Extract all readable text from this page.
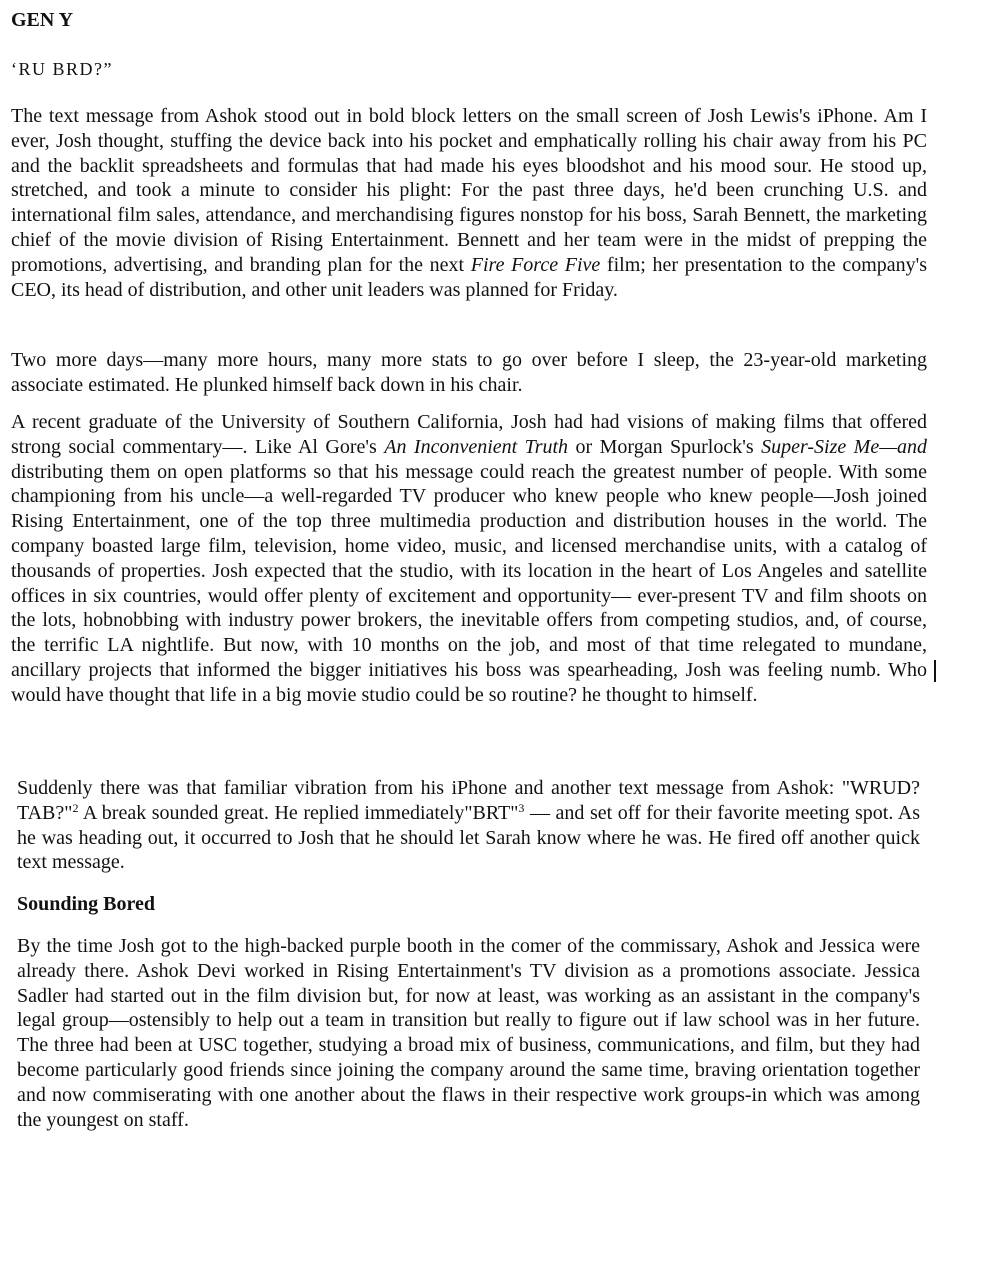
GEN Y
‘RU BRD?”

The text message from Ashok stood out in bold block letters on the small screen of Josh Lewis's iPhone. Am I ever, Josh thought, stuffing the device back into his pocket and emphatically rolling his chair away from his PC and the backlit spreadsheets and formulas that had made his eyes bloodshot and his mood sour. He stood up, stretched, and took a minute to consider his plight: For the past three days, he'd been crunching U.S. and international film sales, attendance, and merchandising figures nonstop for his boss, Sarah Bennett, the marketing chief of the movie division of Rising Entertainment. Bennett and her team were in the midst of prepping the promotions, advertising, and branding plan for the next Fire Force Five film; her presentation to the company's CEO, its head of distribution, and other unit leaders was planned for Friday.

Two more days—many more hours, many more stats to go over before I sleep, the 23-year-old marketing associate estimated. He plunked himself back down in his chair.

A recent graduate of the University of Southern California, Josh had had visions of making films that offered strong social commentary—. Like Al Gore's An Inconvenient Truth or Morgan Spurlock's Super-Size Me—and distributing them on open platforms so that his message could reach the greatest number of people. With some championing from his uncle—a well-regarded TV producer who knew people who knew people—Josh joined Rising Entertainment, one of the top three multimedia production and distribution houses in the world. The company boasted large film, television, home video, music, and licensed merchandise units, with a catalog of thousands of properties. Josh expected that the studio, with its location in the heart of Los Angeles and satellite offices in six countries, would offer plenty of excitement and opportunity— ever-present TV and film shoots on the lots, hobnobbing with industry power brokers, the inevitable offers from competing studios, and, of course, the terrific LA nightlife. But now, with 10 months on the job, and most of that time relegated to mundane, ancillary projects that informed the bigger initiatives his boss was spearheading, Josh was feeling numb. Who would have thought that life in a big movie studio could be so routine? he thought to himself.

Suddenly there was that familiar vibration from his iPhone and another text message from Ashok: "WRUD? TAB?"$^2$ A break sounded great. He replied immediately"BRT"$^3$ — and set off for their favorite meeting spot. As he was heading out, it occurred to Josh that he should let Sarah know where he was. He fired off another quick text message.

Sounding Bored

By the time Josh got to the high-backed purple booth in the comer of the commissary, Ashok and Jessica were already there. Ashok Devi worked in Rising Entertainment's TV division as a promotions associate. Jessica Sadler had started out in the film division but, for now at least, was working as an assistant in the company's legal group—ostensibly to help out a team in transition but really to figure out if law school was in her future. The three had been at USC together, studying a broad mix of business, communications, and film, but they had become particularly good friends since joining the company around the same time, braving orientation together and now commiserating with one another about the flaws in their respective work groups-in which was among the youngest on staff.
